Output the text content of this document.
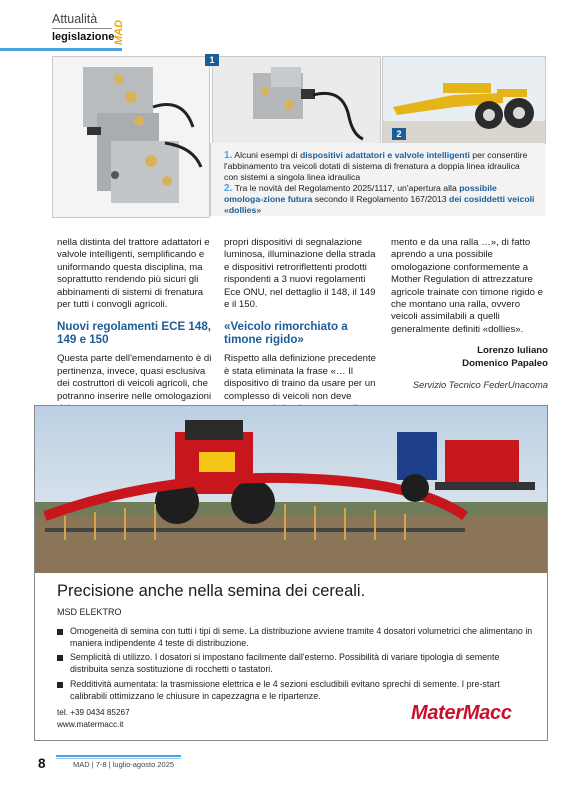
Attualità
legislazione
MAD
1
2
1. Alcuni esempi di dispositivi adattatori e valvole intelligenti per consentire l'abbinamento tra veicoli dotati di sistema di frenatura a doppia linea idraulica con sistemi a singola linea idraulica
2. Tra le novità del Regolamento 2025/1117, un'apertura alla possibile omologa-zione futura secondo il Regolamento 167/2013 dei cosiddetti veicoli «dollies»

nella distinta del trattore adattatori e valvole intelligenti, semplificando e uniformando questa disciplina, ma soprattutto rendendo più sicuri gli abbinamenti di sistemi di frenatura per tutti i convogli agricoli.

Nuovi regolamenti ECE 148, 149 e 150

Questa parte dell'emendamento è di pertinenza, invece, quasi esclusiva dei costruttori di veicoli agricoli, che potranno inserire nelle omologazioni

propri dispositivi di segnalazione luminosa, illuminazione della strada e dispositivi retroriflettenti prodotti rispondenti a 3 nuovi regolamenti Ece ONU, nel dettaglio il 148, il 149 e il 150.

«Veicolo rimorchiato a timone rigido»

Rispetto alla definizione precedente è stata eliminata la frase «… Il dispositivo di traino da usare per un complesso di veicoli non deve

mento e da una ralla …», di fatto aprendo a una possibile omologazione conformemente a Mother Regulation di attrezzature agricole trainate con timone rigido e che montano una ralla, ovvero veicoli assimilabili a quelli generalmente definiti «dollies».

Lorenzo Iuliano
Domenico Papaleo
Servizio Tecnico FederUnacoma
Precisione anche nella semina dei cereali.
MSD ELEKTRO
Omogeneità di semina con tutti i tipi di seme. La distribuzione avviene tramite 4 dosatori volumetrici che alimentano in maniera indipendente 4 teste di distribuzione.
Semplicità di utilizzo. I dosatori si impostano facilmente dall'esterno. Possibilità di variare tipologia di semente distribuita senza sostituzione di rocchetti o tastatori.
Redditività aumentata: la trasmissione elettrica e le 4 sezioni escludibili evitano sprechi di semente. I pre-start calibrabili ottimizzano le chiusure in capezzagna e le ripartenze.
tel. +39 0434 85267
www.matermacc.it
MaterMacc
8	MAD | 7-8 | luglio-agosto 2025
